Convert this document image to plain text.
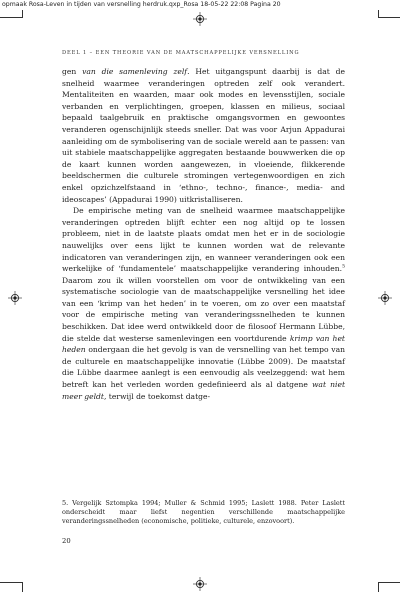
opmaak Rosa-Leven in tijden van versnelling herdruk.qxp_Rosa 18-05-22 22:08 Pagina 20
DEEL 1 – EEN THEORIE VAN DE MAATSCHAPPELIJKE VERSNELLING

gen van die samenleving zelf. Het uitgangspunt daarbij is dat de snelheid waarmee veranderingen optreden zelf ook verandert. Mentaliteiten en waarden, maar ook modes en levensstijlen, sociale verbanden en verplichtingen, groepen, klassen en milieus, sociaal bepaald taalgebruik en praktische omgangsvormen en gewoontes veranderen ogenschijnlijk steeds sneller. Dat was voor Arjun Appadurai aanleiding om de symbolisering van de sociale wereld aan te passen: van uit stabiele maatschappelijke aggregaten bestaande bouwwerken die op de kaart kunnen worden aangewezen, in vloeiende, flikkerende beeldschermen die culturele stromingen vertegenwoordigen en zich enkel opzichzelfstaand in ‘ethno-, techno-, finance-, media- and ideoscapes’ (Appadurai 1990) uitkristalliseren.

De empirische meting van de snelheid waarmee maatschappelijke veranderingen optreden blijft echter een nog altijd op te lossen probleem, niet in de laatste plaats omdat men het er in de sociologie nauwelijks over eens lijkt te kunnen worden wat de relevante indicatoren van veranderingen zijn, en wanneer veranderingen ook een werkelijke of ‘fundamentele’ maatschappelijke verandering inhouden.$^5$ Daarom zou ik willen voorstellen om voor de ontwikkeling van een systematische sociologie van de maatschappelijke versnelling het idee van een ‘krimp van het heden’ in te voeren, om zo over een maatstaf voor de empirische meting van veranderingssnelheden te kunnen beschikken. Dat idee werd ontwikkeld door de filosoof Hermann Lübbe, die stelde dat westerse samenlevingen een voortdurende krimp van het heden ondergaan die het gevolg is van de versnelling van het tempo van de culturele en maatschappelijke innovatie (Lübbe 2009). De maatstaf die Lübbe daarmee aanlegt is een eenvoudig als veelzeggend: wat hem betreft kan het verleden worden gedefinieerd als al datgene wat niet meer geldt, terwijl de toekomst datge-

5. Vergelijk Sztompka 1994; Muller & Schmid 1995; Laslett 1988. Peter Laslett onderscheidt maar liefst negentien verschillende maatschappelijke veranderingssnelheden (economische, politieke, culturele, enzovoort).
20
